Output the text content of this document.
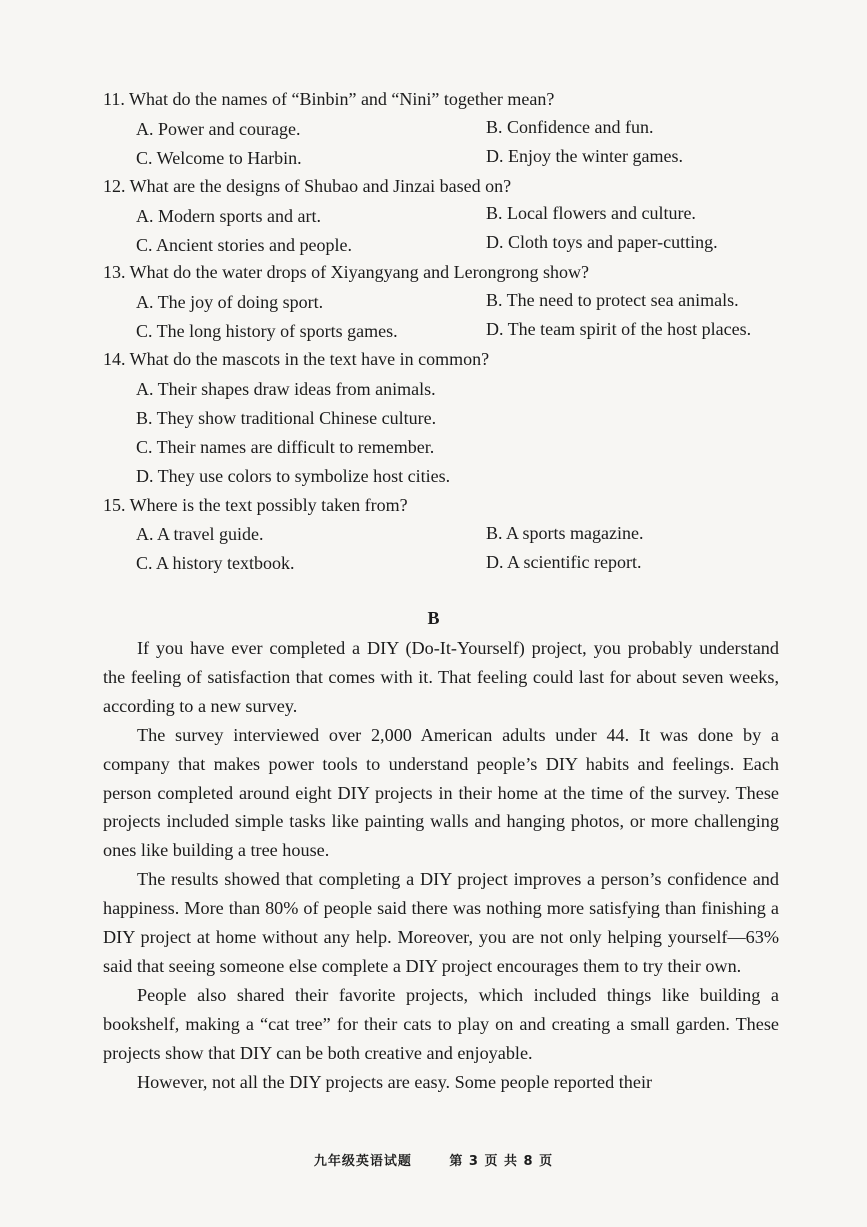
11. What do the names of “Binbin” and “Nini” together mean?
A. Power and courage.	B. Confidence and fun.
C. Welcome to Harbin.	D. Enjoy the winter games.
12. What are the designs of Shubao and Jinzai based on?
A. Modern sports and art.	B. Local flowers and culture.
C. Ancient stories and people.	D. Cloth toys and paper-cutting.
13. What do the water drops of Xiyangyang and Lerongrong show?
A. The joy of doing sport.	B. The need to protect sea animals.
C. The long history of sports games.	D. The team spirit of the host places.
14. What do the mascots in the text have in common?
A. Their shapes draw ideas from animals.
B. They show traditional Chinese culture.
C. Their names are difficult to remember.
D. They use colors to symbolize host cities.
15. Where is the text possibly taken from?
A. A travel guide.	B. A sports magazine.
C. A history textbook.	D. A scientific report.
B

If you have ever completed a DIY (Do-It-Yourself) project, you probably understand the feeling of satisfaction that comes with it. That feeling could last for about seven weeks, according to a new survey.

The survey interviewed over 2,000 American adults under 44. It was done by a company that makes power tools to understand people’s DIY habits and feelings. Each person completed around eight DIY projects in their home at the time of the survey. These projects included simple tasks like painting walls and hanging photos, or more challenging ones like building a tree house.

The results showed that completing a DIY project improves a person’s confidence and happiness. More than 80% of people said there was nothing more satisfying than finishing a DIY project at home without any help. Moreover, you are not only helping yourself—63% said that seeing someone else complete a DIY project encourages them to try their own.

People also shared their favorite projects, which included things like building a bookshelf, making a “cat tree” for their cats to play on and creating a small garden. These projects show that DIY can be both creative and enjoyable.

However, not all the DIY projects are easy. Some people reported their

九年级英语试题	第 3 页 共 8 页
